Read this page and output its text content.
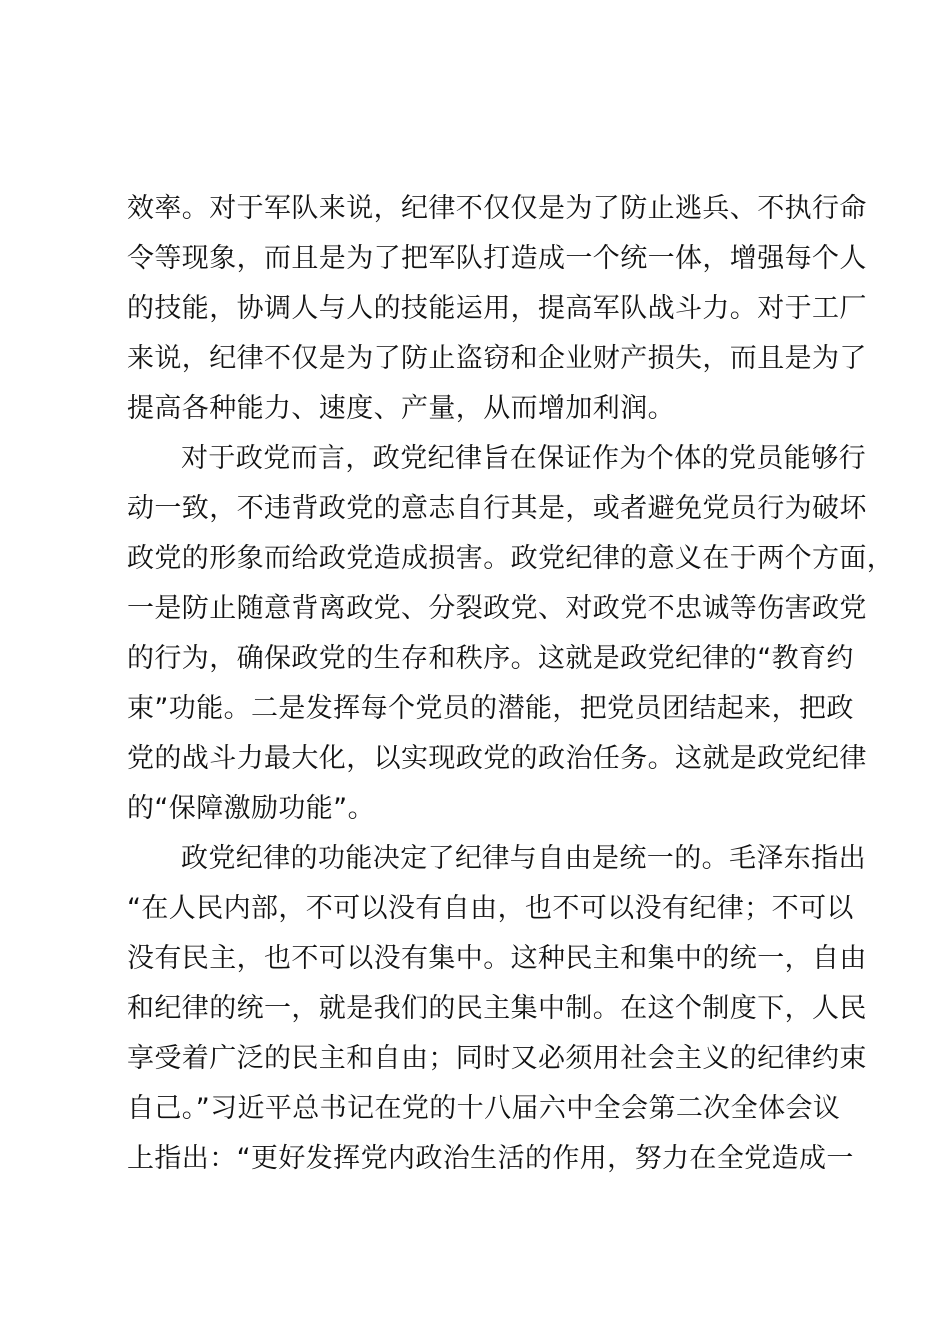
效率。对于军队来说，纪律不仅仅是为了防止逃兵、不执行命
令等现象，而且是为了把军队打造成一个统一体，增强每个人
的技能，协调人与人的技能运用，提高军队战斗力。对于工厂
来说，纪律不仅是为了防止盗窃和企业财产损失，而且是为了
提高各种能力、速度、产量，从而增加利润。
对于政党而言，政党纪律旨在保证作为个体的党员能够行
动一致，不违背政党的意志自行其是，或者避免党员行为破坏
政党的形象而给政党造成损害。政党纪律的意义在于两个方面，
一是防止随意背离政党、分裂政党、对政党不忠诚等伤害政党
的行为，确保政党的生存和秩序。这就是政党纪律的“教育约
束”功能。二是发挥每个党员的潜能，把党员团结起来，把政
党的战斗力最大化，以实现政党的政治任务。这就是政党纪律
的“保障激励功能”。
政党纪律的功能决定了纪律与自由是统一的。毛泽东指出
“在人民内部，不可以没有自由，也不可以没有纪律；不可以
没有民主，也不可以没有集中。这种民主和集中的统一，自由
和纪律的统一，就是我们的民主集中制。在这个制度下，人民
享受着广泛的民主和自由；同时又必须用社会主义的纪律约束
自己。”习近平总书记在党的十八届六中全会第二次全体会议
上指出：“更好发挥党内政治生活的作用，努力在全党造成一
